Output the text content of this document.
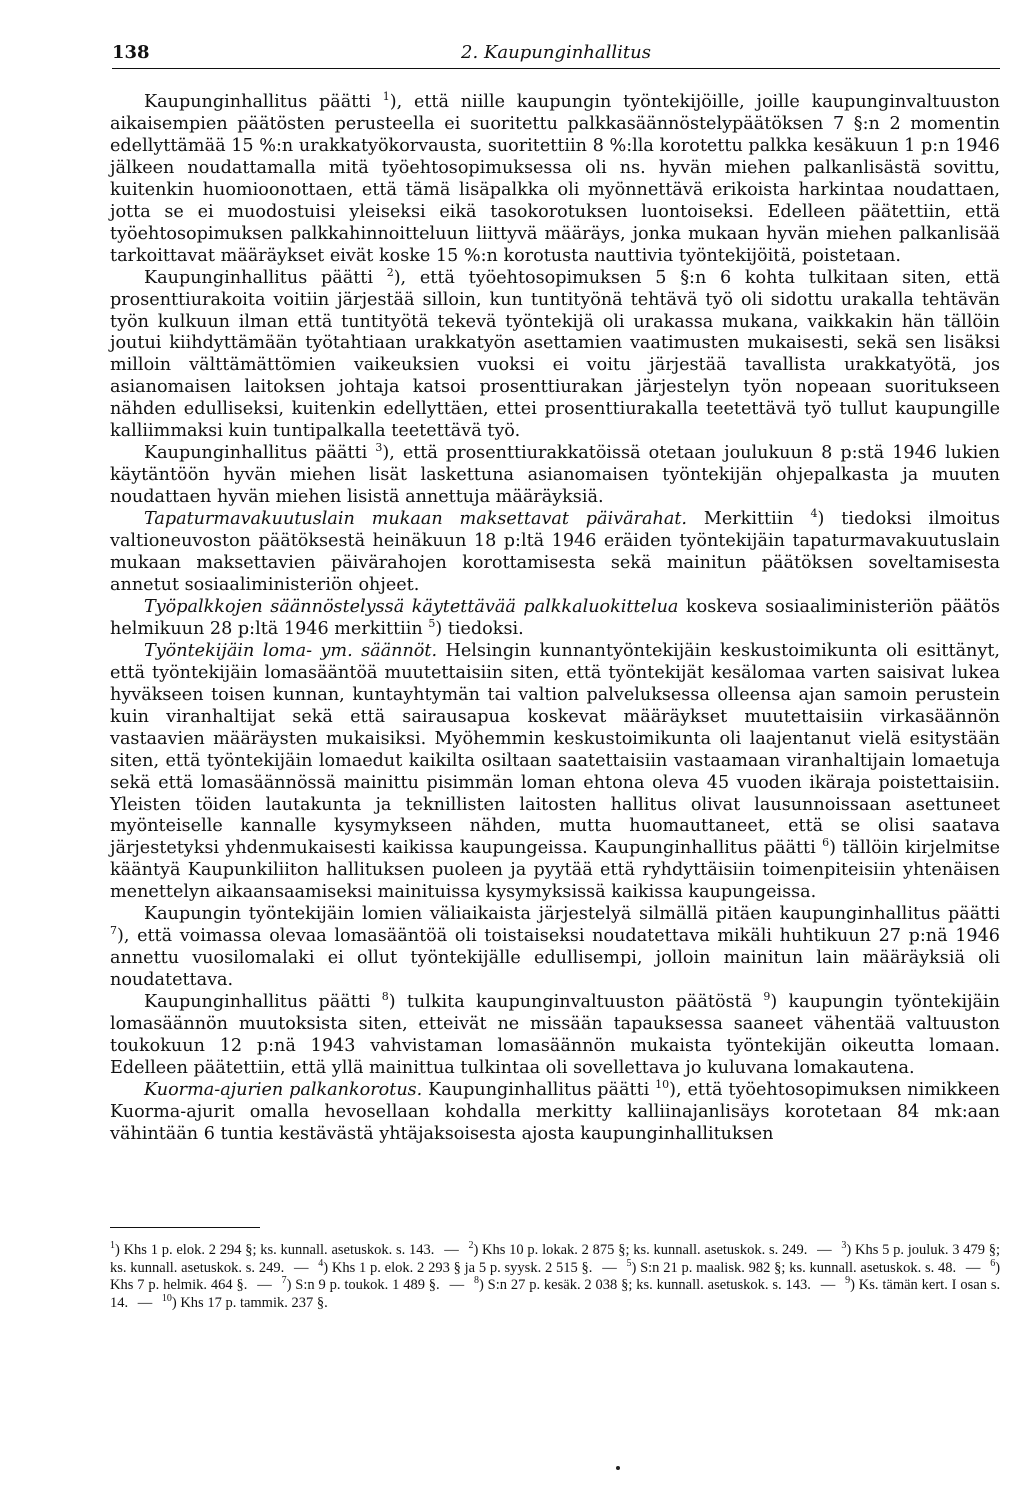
138	2. Kaupunginhallitus

Kaupunginhallitus päätti $^1$), että niille kaupungin työntekijöille, joille kaupunginvaltuuston aikaisempien päätösten perusteella ei suoritettu palkkasäännöstelypäätöksen 7 §:n 2 momentin edellyttämää 15 %:n urakkatyökorvausta, suoritettiin 8 %:lla korotettu palkka kesäkuun 1 p:n 1946 jälkeen noudattamalla mitä työehtosopimuksessa oli ns. hyvän miehen palkanlisästä sovittu, kuitenkin huomioonottaen, että tämä lisäpalkka oli myönnettävä erikoista harkintaa noudattaen, jotta se ei muodostuisi yleiseksi eikä tasokorotuksen luontoiseksi. Edelleen päätettiin, että työehtosopimuksen palkkahinnoitteluun liittyvä määräys, jonka mukaan hyvän miehen palkanlisää tarkoittavat määräykset eivät koske 15 %:n korotusta nauttivia työntekijöitä, poistetaan.

Kaupunginhallitus päätti $^2$), että työehtosopimuksen 5 §:n 6 kohta tulkitaan siten, että prosenttiurakoita voitiin järjestää silloin, kun tuntityönä tehtävä työ oli sidottu urakalla tehtävän työn kulkuun ilman että tuntityötä tekevä työntekijä oli urakassa mukana, vaikkakin hän tällöin joutui kiihdyttämään työtahtiaan urakkatyön asettamien vaatimusten mukaisesti, sekä sen lisäksi milloin välttämättömien vaikeuksien vuoksi ei voitu järjestää tavallista urakkatyötä, jos asianomaisen laitoksen johtaja katsoi prosenttiurakan järjestelyn työn nopeaan suoritukseen nähden edulliseksi, kuitenkin edellyttäen, ettei prosenttiurakalla teetettävä työ tullut kaupungille kalliimmaksi kuin tuntipalkalla teetettävä työ.

Kaupunginhallitus päätti $^3$), että prosenttiurakkatöissä otetaan joulukuun 8 p:stä 1946 lukien käytäntöön hyvän miehen lisät laskettuna asianomaisen työntekijän ohjepalkasta ja muuten noudattaen hyvän miehen lisistä annettuja määräyksiä.

Tapaturmavakuutuslain mukaan maksettavat päivärahat. Merkittiin $^4$) tiedoksi ilmoitus valtioneuvoston päätöksestä heinäkuun 18 p:ltä 1946 eräiden työntekijäin tapaturmavakuutuslain mukaan maksettavien päivärahojen korottamisesta sekä mainitun päätöksen soveltamisesta annetut sosiaaliministeriön ohjeet.

Työpalkkojen säännöstelyssä käytettävää palkkaluokittelua koskeva sosiaaliministeriön päätös helmikuun 28 p:ltä 1946 merkittiin $^5$) tiedoksi.

Työntekijäin loma- ym. säännöt. Helsingin kunnantyöntekijäin keskustoimikunta oli esittänyt, että työntekijäin lomasääntöä muutettaisiin siten, että työntekijät kesälomaa varten saisivat lukea hyväkseen toisen kunnan, kuntayhtymän tai valtion palveluksessa olleensa ajan samoin perustein kuin viranhaltijat sekä että sairausapua koskevat määräykset muutettaisiin virkasäännön vastaavien määräysten mukaisiksi. Myöhemmin keskustoimikunta oli laajentanut vielä esitystään siten, että työntekijäin lomaedut kaikilta osiltaan saatettaisiin vastaamaan viranhaltijain lomaetuja sekä että lomasäännössä mainittu pisimmän loman ehtona oleva 45 vuoden ikäraja poistettaisiin. Yleisten töiden lautakunta ja teknillisten laitosten hallitus olivat lausunnoissaan asettuneet myönteiselle kannalle kysymykseen nähden, mutta huomauttaneet, että se olisi saatava järjestetyksi yhdenmukaisesti kaikissa kaupungeissa. Kaupunginhallitus päätti $^6$) tällöin kirjelmitse kääntyä Kaupunkiliiton hallituksen puoleen ja pyytää että ryhdyttäisiin toimenpiteisiin yhtenäisen menettelyn aikaansaamiseksi mainituissa kysymyksissä kaikissa kaupungeissa.

Kaupungin työntekijäin lomien väliaikaista järjestelyä silmällä pitäen kaupunginhallitus päätti $^7$), että voimassa olevaa lomasääntöä oli toistaiseksi noudatettava mikäli huhtikuun 27 p:nä 1946 annettu vuosilomalaki ei ollut työntekijälle edullisempi, jolloin mainitun lain määräyksiä oli noudatettava.

Kaupunginhallitus päätti $^8$) tulkita kaupunginvaltuuston päätöstä $^9$) kaupungin työntekijäin lomasäännön muutoksista siten, etteivät ne missään tapauksessa saaneet vähentää valtuuston toukokuun 12 p:nä 1943 vahvistaman lomasäännön mukaista työntekijän oikeutta lomaan. Edelleen päätettiin, että yllä mainittua tulkintaa oli sovellettava jo kuluvana lomakautena.

Kuorma-ajurien palkankorotus. Kaupunginhallitus päätti $^{10}$), että työehtosopimuksen nimikkeen Kuorma-ajurit omalla hevosellaan kohdalla merkitty kalliinajanlisäys korotetaan 84 mk:aan vähintään 6 tuntia kestävästä yhtäjaksoisesta ajosta kaupunginhallituksen

$^1$) Khs 1 p. elok. 2 294 §; ks. kunnall. asetuskok. s. 143. — $^2$) Khs 10 p. lokak. 2 875 §; ks. kunnall. asetuskok. s. 249. — $^3$) Khs 5 p. jouluk. 3 479 §; ks. kunnall. asetuskok. s. 249. — $^4$) Khs 1 p. elok. 2 293 § ja 5 p. syysk. 2 515 §. — $^5$) S:n 21 p. maalisk. 982 §; ks. kunnall. asetuskok. s. 48. — $^6$) Khs 7 p. helmik. 464 §. — $^7$) S:n 9 p. toukok. 1 489 §. — $^8$) S:n 27 p. kesäk. 2 038 §; ks. kunnall. asetuskok. s. 143. — $^9$) Ks. tämän kert. I osan s. 14. — $^{10}$) Khs 17 p. tammik. 237 §.
